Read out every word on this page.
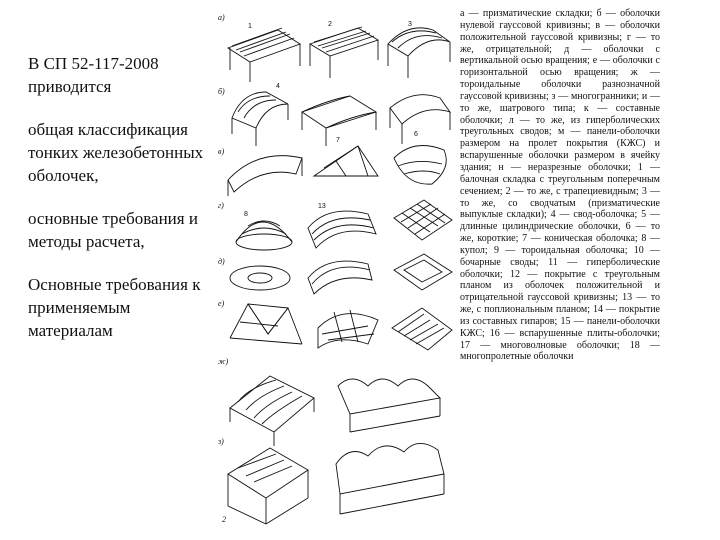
В СП 52-117-2008 приводится

общая классификация тонких железобетонных оболочек,

основные требования и методы расчета,

Основные требования к применяемым материалам

а)
1	2	3
б)
4
в)
7
6
г)
8
13
д)
е)
ж)
з)
2
а — призматические складки; б — оболочки нулевой гауссовой кривизны; в — оболочки положительной гауссовой кривизны; г — то же, отрицательной; д — оболочки с вертикальной осью вращения; е — оболочки с горизонтальной осью вращения; ж — тороидальные оболочки разнозначной гауссовой кривизны; з — многогранники; и — то же, шатрового типа; к — составные оболочки; л — то же, из гиперболических треугольных сводов; м — панели-оболочки размером на пролет покрытия (КЖС) и вспарушенные оболочки размером в ячейку здания; н — неразрезные оболочки; 1 — балочная складка с треугольным поперечным сечением; 2 — то же, с трапециевидным; 3 — то же, со сводчатым (призматические выпуклые складки); 4 — свод-оболочка; 5 — длинные цилиндрические оболочки, 6 — то же, короткие; 7 — коническая оболочка; 8 — купол; 9 — тороидальная оболочка; 10 — бочарные своды; 11 — гиперболические оболочки; 12 — покрытие с треугольным планом из оболочек положительной и отрицательной гауссовой кривизны; 13 — то же, с поплиональным планом; 14 — покрытие из составных гипаров; 15 — панели-оболочки КЖС; 16 — вспарушенные плиты-оболочки; 17 — многоволновые оболочки; 18 — многопролетные оболочки
